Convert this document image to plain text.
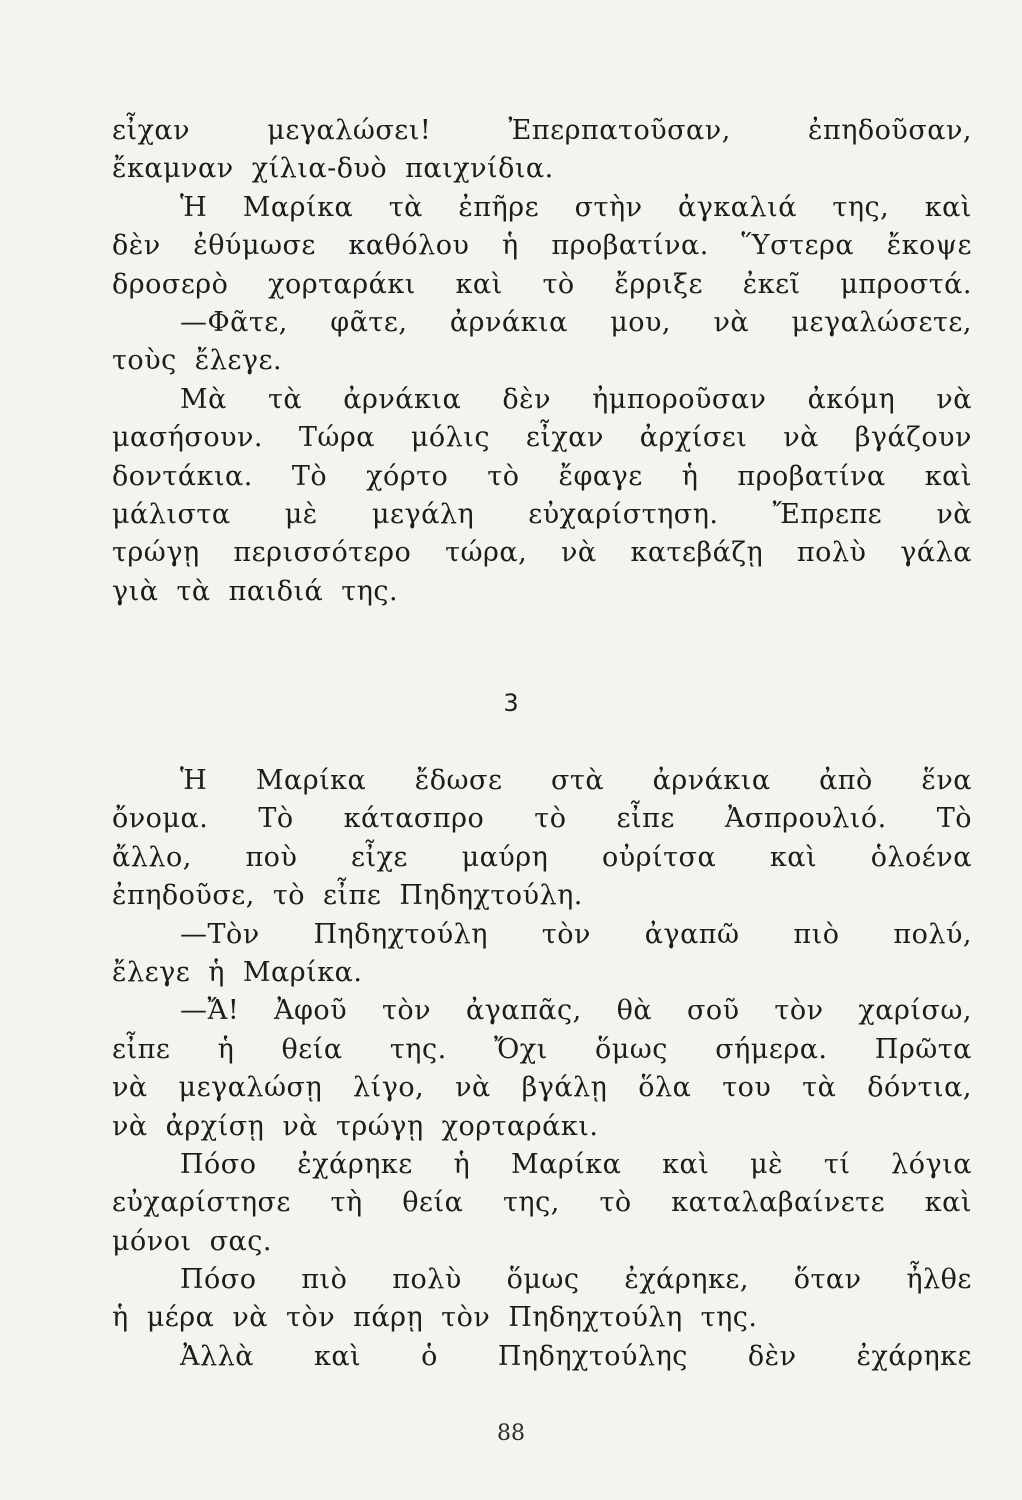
εἶχαν	μεγαλώσει!	Ἐπερπατοῦσαν,	ἐπηδοῦσαν,
ἔκαμναν χίλια-δυὸ παιχνίδια.
Ἡ Μαρίκα τὰ ἐπῆρε στὴν ἀγκαλιά της, καὶ
δὲν ἐθύμωσε καθόλου ἡ προβατίνα. Ὕστερα ἔκοψε
δροσερὸ χορταράκι καὶ τὸ ἔρριξε ἐκεῖ μπροστά.
—Φᾶτε, φᾶτε, ἀρνάκια μου, νὰ μεγαλώσετε,
τοὺς ἔλεγε.
Μὰ τὰ ἀρνάκια δὲν ἠμποροῦσαν ἀκόμη νὰ
μασήσουν. Τώρα μόλις εἶχαν ἀρχίσει νὰ βγάζουν
δοντάκια. Τὸ χόρτο τὸ ἔφαγε ἡ προβατίνα καὶ
μάλιστα μὲ μεγάλη εὐχαρίστηση. Ἔπρεπε νὰ
τρώγῃ περισσότερο τώρα, νὰ κατεβάζῃ πολὺ γάλα
γιὰ τὰ παιδιά της.
3
Ἡ Μαρίκα ἔδωσε στὰ ἀρνάκια ἀπὸ ἕνα
ὄνομα. Τὸ κάτασπρο τὸ εἶπε Ἀσπρουλιό. Τὸ
ἄλλο, ποὺ εἶχε μαύρη οὐρίτσα καὶ ὁλοένα
ἐπηδοῦσε, τὸ εἶπε Πηδηχτούλη.
—Τὸν Πηδηχτούλη τὸν ἀγαπῶ πιὸ πολύ,
ἔλεγε ἡ Μαρίκα.
—Ἄ! Ἀφοῦ τὸν ἀγαπᾶς, θὰ σοῦ τὸν χαρίσω,
εἶπε ἡ θεία της. Ὄχι ὅμως σήμερα. Πρῶτα
νὰ μεγαλώσῃ λίγο, νὰ βγάλῃ ὅλα του τὰ δόντια,
νὰ ἀρχίσῃ νὰ τρώγῃ χορταράκι.
Πόσο ἐχάρηκε ἡ Μαρίκα καὶ μὲ τί λόγια
εὐχαρίστησε τὴ θεία της, τὸ καταλαβαίνετε καὶ
μόνοι σας.
Πόσο πιὸ πολὺ ὅμως ἐχάρηκε, ὅταν ἦλθε
ἡ μέρα νὰ τὸν πάρῃ τὸν Πηδηχτούλη της.
Ἀλλὰ καὶ ὁ Πηδηχτούλης δὲν ἐχάρηκε
88
